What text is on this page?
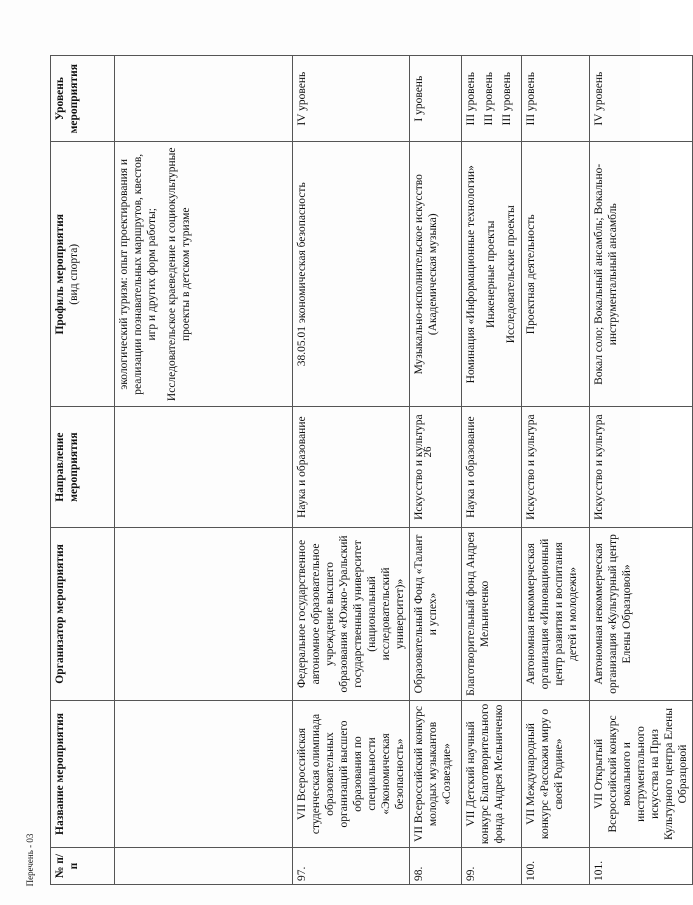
26
Перечень - 03 № п/п	Название мероприятия	Организатор мероприятия	Направление мероприятия	Профиль мероприятия (вид спорта)	Уровень мероприятия

				экологический туризм: опыт проектирования и реализации познавательных маршрутов, квестов, игр и других форм работы; Исследовательское краеведение и социокультурные проекты в детском туризме	

97.	VII Всероссийская студенческая олимпиада образовательных организаций высшего образования по специальности «Экономическая безопасность»	Федеральное государственное автономное образовательное учреждение высшего образования «Южно-Уральский государственный университет (национальный исследовательский университет)»	Наука и образование	38.05.01 экономическая безопасность	IV уровень

98.	VII Всероссийский конкурс молодых музыкантов «Созвездие»	Образовательный Фонд «Талант и успех»	Искусство и культура	Музыкально-исполнительское искусство (Академическая музыка)	I уровень

99.	VII Детский научный конкурс Благотворительного фонда Андрея Мельниченко	Благотворительный фонд Андрея Мельниченко	Наука и образование	Номинация «Информационные технологии» Инженерные проекты Исследовательские проекты	III уровень III уровень III уровень

100.	VII Международный конкурс «Расскажи миру о своей Родине»	Автономная некоммерческая организация «Инновационный центр развития и воспитания детей и молодежи»	Искусство и культура	Проектная деятельность	III уровень

101.	VII Открытый Всероссийский конкурс вокального и инструментального искусства на Приз Культурного центра Елены Образцовой	Автономная некоммерческая организация «Культурный центр Елены Образцовой»	Искусство и культура	Вокал соло; Вокальный ансамбль; Вокально-инструментальный ансамбль	IV уровень
